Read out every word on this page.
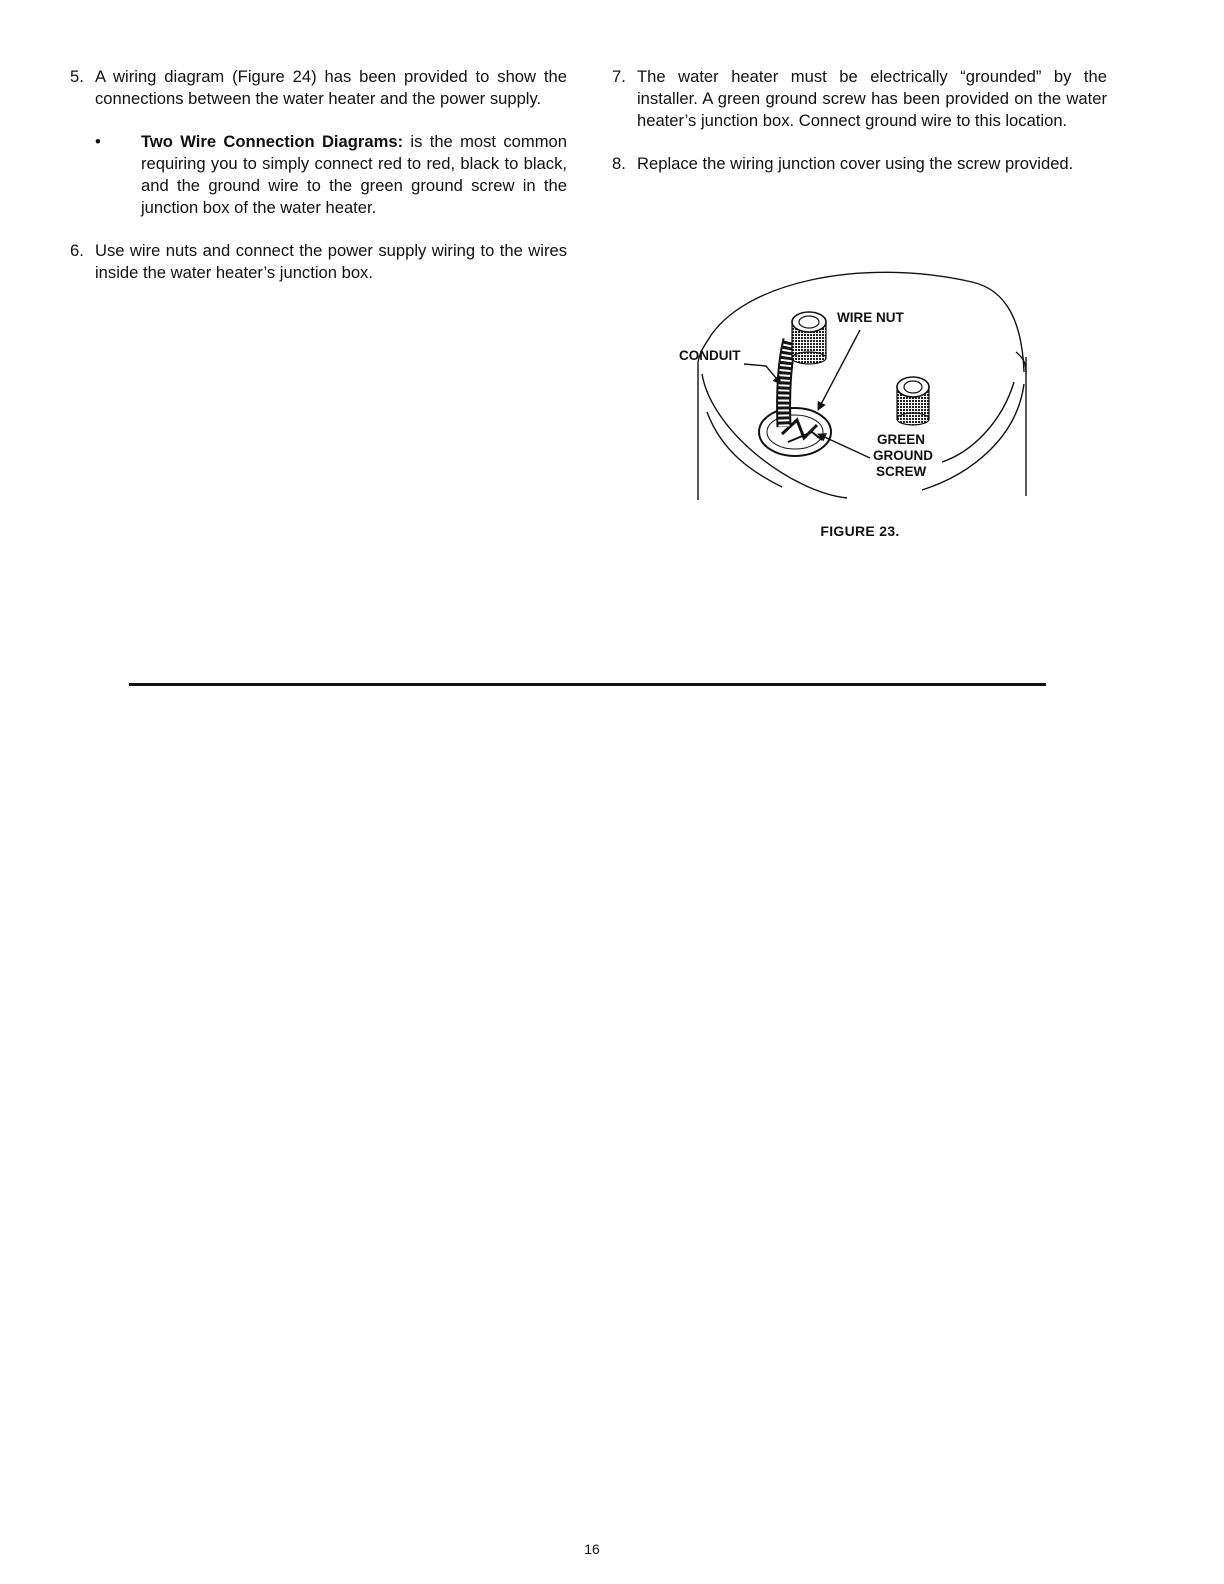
5. A wiring diagram (Figure 24) has been provided to show the connections between the water heater and the power supply.
•	Two Wire Connection Diagrams: is the most common requiring you to simply connect red to red, black to black, and the ground wire to the green ground screw in the junction box of the water heater.
6. Use wire nuts and connect the power supply wiring to the wires inside the water heater’s junction box.
7. The water heater must be electrically “grounded” by the installer. A green ground screw has been provided on the water heater’s junction box. Connect ground wire to this location.
8. Replace the wiring junction cover using the screw provided.
WIRE NUT
CONDUIT
GREEN
GROUND
SCREW
FIGURE 23.
16
